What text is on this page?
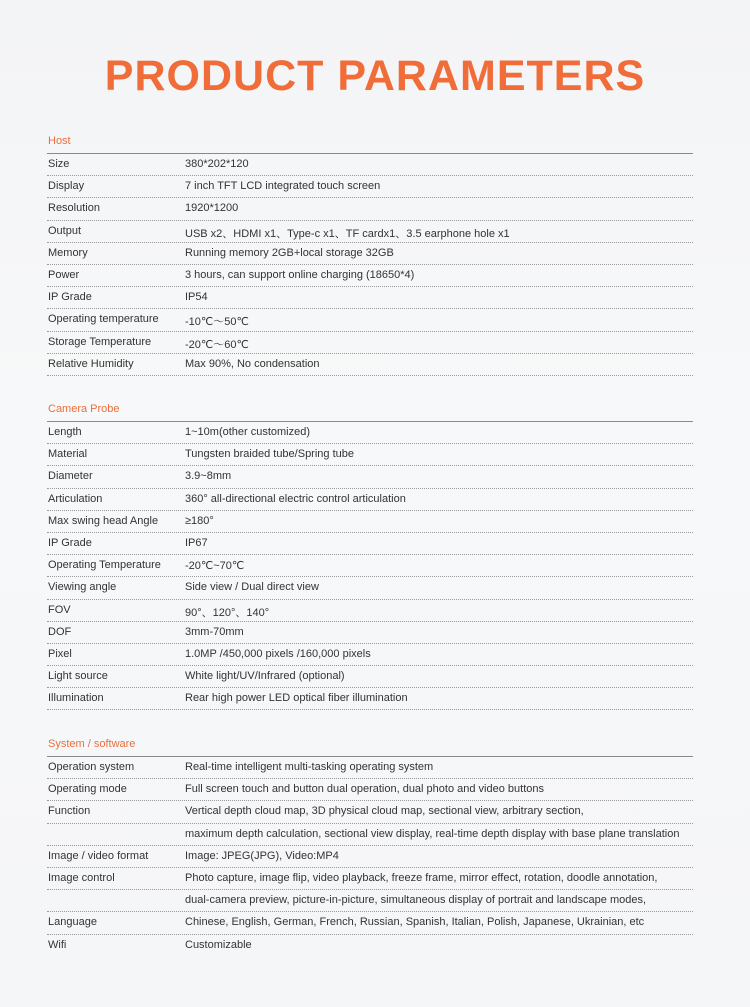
PRODUCT PARAMETERS
Host
Size	380*202*120
Display	7 inch TFT LCD integrated touch screen
Resolution	1920*1200
Output	USB x2、HDMI x1、Type-c x1、TF cardx1、3.5 earphone hole x1
Memory	Running memory 2GB+local storage 32GB
Power	3 hours, can support online charging (18650*4)
IP Grade	IP54
Operating temperature -10℃～50℃
Storage Temperature	-20℃～60℃
Relative Humidity	Max 90%, No condensation
Camera Probe
Length	1~10m(other customized)
Material	Tungsten braided tube/Spring tube
Diameter	3.9~8mm
Articulation	360° all-directional electric control articulation
Max swing head Angle ≥180°
IP Grade	IP67
Operating Temperature -20℃~70℃
Viewing angle	Side view / Dual direct view
FOV	90°、120°、140°
DOF	3mm-70mm
Pixel	1.0MP /450,000 pixels /160,000 pixels
Light source	White light/UV/Infrared (optional)
Illumination	Rear high power LED optical fiber illumination
System / software
Operation system	Real-time intelligent multi-tasking operating system
Operating mode	Full screen touch and button dual operation, dual photo and video buttons
Function	Vertical depth cloud map, 3D physical cloud map, sectional view, arbitrary section,
maximum depth calculation, sectional view display, real-time depth display with base plane translation
Image / video format	Image: JPEG(JPG), Video:MP4
Image control	Photo capture, image flip, video playback, freeze frame, mirror effect, rotation, doodle annotation,
dual-camera preview, picture-in-picture, simultaneous display of portrait and landscape modes,
Language	Chinese, English, German, French, Russian, Spanish, Italian, Polish, Japanese, Ukrainian, etc
Wifi	Customizable
